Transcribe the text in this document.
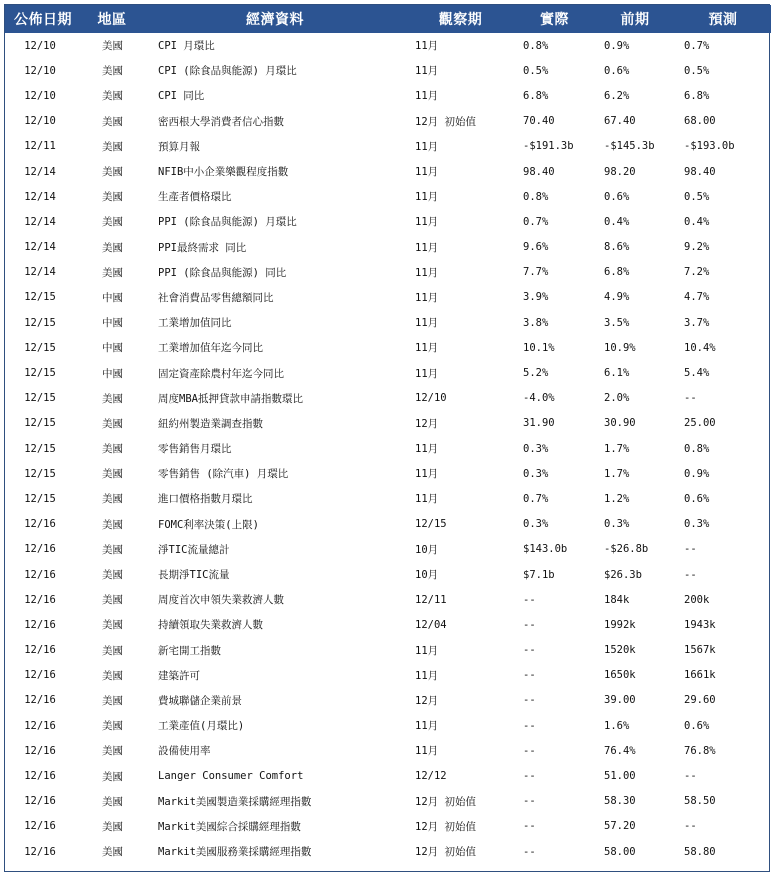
公佈日期	地區	經濟資料	觀察期	實際	前期	預測
12/10	美國	CPI 月環比	11月	0.8%	0.9%	0.7%
12/10	美國	CPI (除食品與能源) 月環比	11月	0.5%	0.6%	0.5%
12/10	美國	CPI 同比	11月	6.8%	6.2%	6.8%
12/10	美國	密西根大學消費者信心指數	12月 初始值	70.40	67.40	68.00
12/11	美國	預算月報	11月	-$191.3b	-$145.3b	-$193.0b
12/14	美國	NFIB中小企業樂觀程度指數	11月	98.40	98.20	98.40
12/14	美國	生產者價格環比	11月	0.8%	0.6%	0.5%
12/14	美國	PPI (除食品與能源) 月環比	11月	0.7%	0.4%	0.4%
12/14	美國	PPI最終需求 同比	11月	9.6%	8.6%	9.2%
12/14	美國	PPI (除食品與能源) 同比	11月	7.7%	6.8%	7.2%
12/15	中國	社會消費品零售總額同比	11月	3.9%	4.9%	4.7%
12/15	中國	工業增加值同比	11月	3.8%	3.5%	3.7%
12/15	中國	工業增加值年迄今同比	11月	10.1%	10.9%	10.4%
12/15	中國	固定資產除農村年迄今同比	11月	5.2%	6.1%	5.4%
12/15	美國	周度MBA抵押貸款申請指數環比	12/10	-4.0%	2.0%	--
12/15	美國	紐約州製造業調查指數	12月	31.90	30.90	25.00
12/15	美國	零售銷售月環比	11月	0.3%	1.7%	0.8%
12/15	美國	零售銷售 (除汽車) 月環比	11月	0.3%	1.7%	0.9%
12/15	美國	進口價格指數月環比	11月	0.7%	1.2%	0.6%
12/16	美國	FOMC利率決策(上限)	12/15	0.3%	0.3%	0.3%
12/16	美國	淨TIC流量總計	10月	$143.0b	-$26.8b	--
12/16	美國	長期淨TIC流量	10月	$7.1b	$26.3b	--
12/16	美國	周度首次申領失業救濟人數	12/11	--	184k	200k
12/16	美國	持續領取失業救濟人數	12/04	--	1992k	1943k
12/16	美國	新宅開工指數	11月	--	1520k	1567k
12/16	美國	建築許可	11月	--	1650k	1661k
12/16	美國	費城聯儲企業前景	12月	--	39.00	29.60
12/16	美國	工業產值(月環比)	11月	--	1.6%	0.6%
12/16	美國	設備使用率	11月	--	76.4%	76.8%
12/16	美國	Langer Consumer Comfort	12/12	--	51.00	--
12/16	美國	Markit美國製造業採購經理指數	12月 初始值	--	58.30	58.50
12/16	美國	Markit美國綜合採購經理指數	12月 初始值	--	57.20	--
12/16	美國	Markit美國服務業採購經理指數	12月 初始值	--	58.00	58.80
